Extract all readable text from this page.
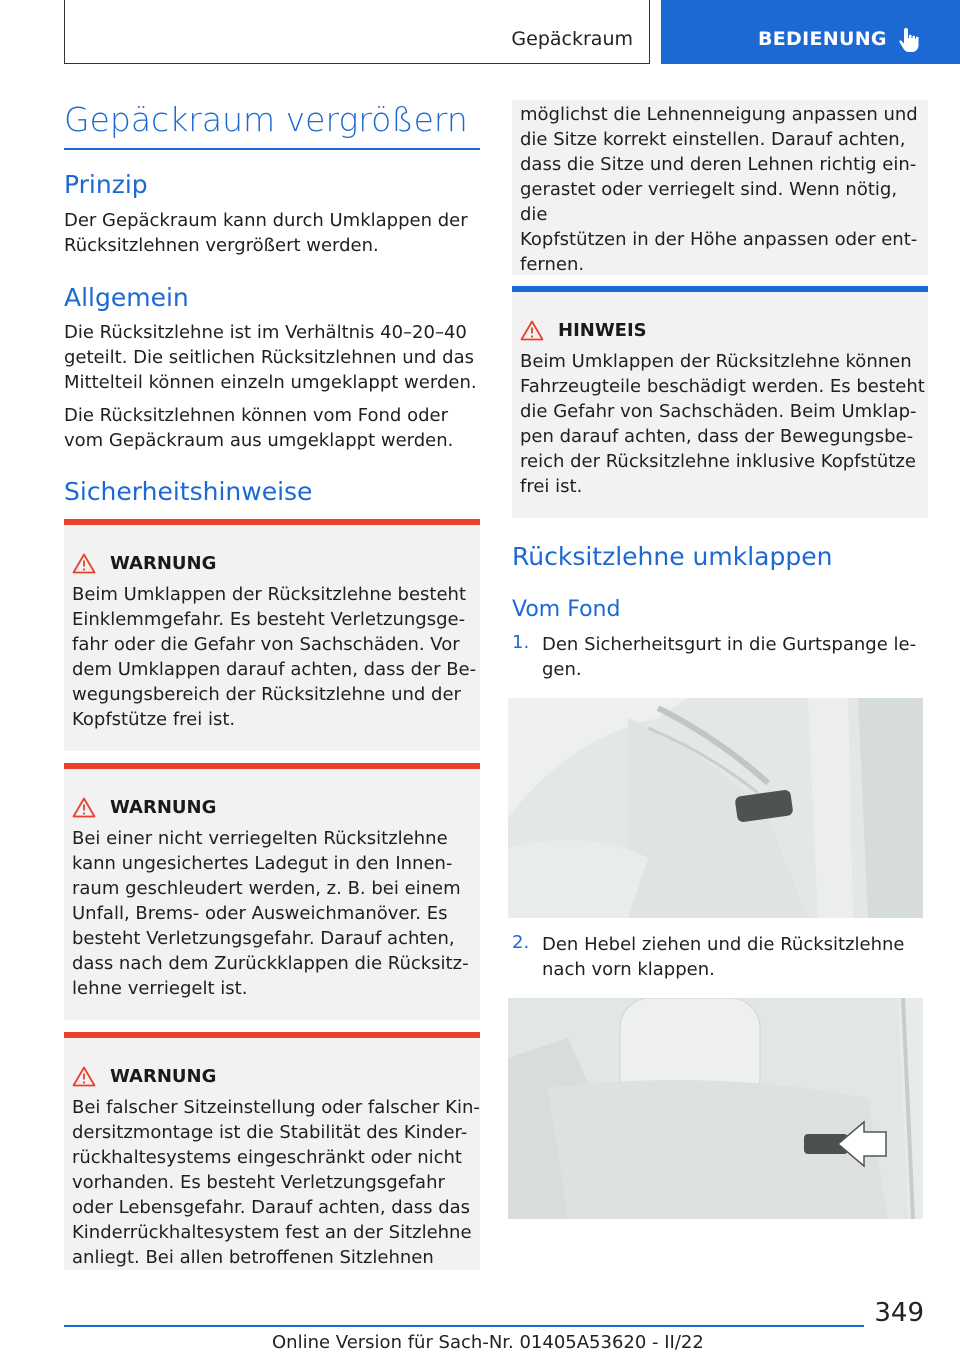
Gepäckraum	BEDIENUNG
Gepäckraum vergrößern
Prinzip
Der Gepäckraum kann durch Umklappen der
Rücksitzlehnen vergrößert werden.
Allgemein
Die Rücksitzlehne ist im Verhältnis 40–20–40
geteilt. Die seitlichen Rücksitzlehnen und das
Mittelteil können einzeln umgeklappt werden.
Die Rücksitzlehnen können vom Fond oder
vom Gepäckraum aus umgeklappt werden.
Sicherheitshinweise
WARNUNG
Beim Umklappen der Rücksitzlehne besteht
Einklemmgefahr. Es besteht Verletzungsge-
fahr oder die Gefahr von Sachschäden. Vor
dem Umklappen darauf achten, dass der Be-
wegungsbereich der Rücksitzlehne und der
Kopfstütze frei ist.
WARNUNG
Bei einer nicht verriegelten Rücksitzlehne
kann ungesichertes Ladegut in den Innen-
raum geschleudert werden, z. B. bei einem
Unfall, Brems- oder Ausweichmanöver. Es
besteht Verletzungsgefahr. Darauf achten,
dass nach dem Zurückklappen die Rücksitz-
lehne verriegelt ist.
WARNUNG
Bei falscher Sitzeinstellung oder falscher Kin-
dersitzmontage ist die Stabilität des Kinder-
rückhaltesystems eingeschränkt oder nicht
vorhanden. Es besteht Verletzungsgefahr
oder Lebensgefahr. Darauf achten, dass das
Kinderrückhaltesystem fest an der Sitzlehne
anliegt. Bei allen betroffenen Sitzlehnen
möglichst die Lehnenneigung anpassen und
die Sitze korrekt einstellen. Darauf achten,
dass die Sitze und deren Lehnen richtig ein-
gerastet oder verriegelt sind. Wenn nötig, die
Kopfstützen in der Höhe anpassen oder ent-
fernen.
HINWEIS
Beim Umklappen der Rücksitzlehne können
Fahrzeugteile beschädigt werden. Es besteht
die Gefahr von Sachschäden. Beim Umklap-
pen darauf achten, dass der Bewegungsbe-
reich der Rücksitzlehne inklusive Kopfstütze
frei ist.
Rücksitzlehne umklappen
Vom Fond
1. Den Sicherheitsgurt in die Gurtspange le-
gen.
2. Den Hebel ziehen und die Rücksitzlehne
nach vorn klappen.
349
Online Version für Sach-Nr. 01405A53620 - II/22
